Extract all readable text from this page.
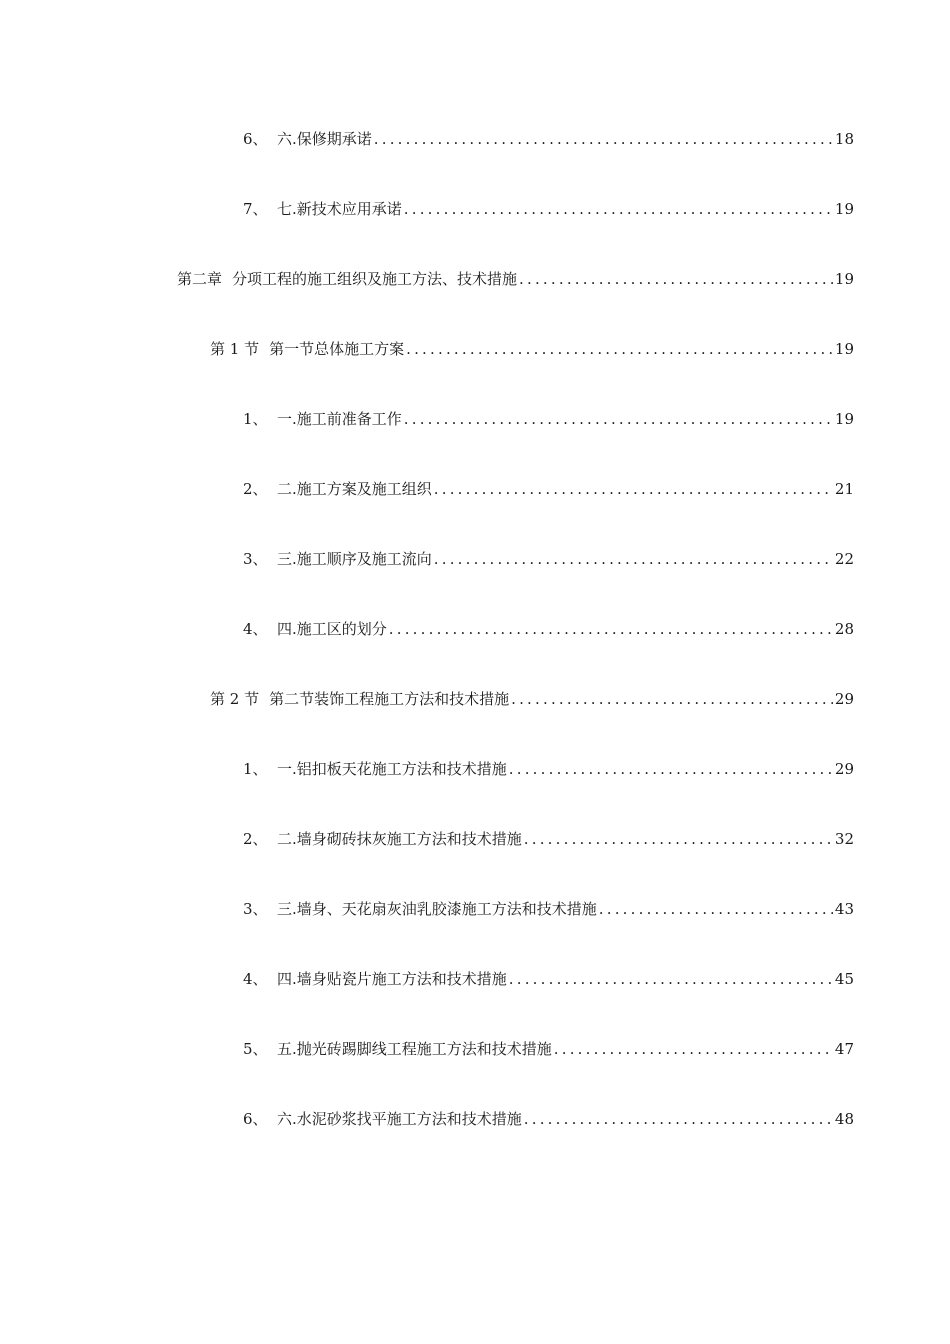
6、 六.保修期承诺 .....	18
7、 七.新技术应用承诺 .....	19
第二章 分项工程的施工组织及施工方法、技术措施 .....	19
第 1 节 第一节总体施工方案 .....	19
1、 一.施工前准备工作 .....	19
2、 二.施工方案及施工组织 .....	21
3、 三.施工顺序及施工流向 .....	22
4、 四.施工区的划分 .....	28
第 2 节 第二节装饰工程施工方法和技术措施 .....	29
1、 一.铝扣板天花施工方法和技术措施 .....	29
2、 二.墙身砌砖抹灰施工方法和技术措施 .....	32
3、 三.墙身、天花扇灰油乳胶漆施工方法和技术措施 .....	43
4、 四.墙身贴瓷片施工方法和技术措施 .....	45
5、 五.抛光砖踢脚线工程施工方法和技术措施 .....	47
6、 六.水泥砂浆找平施工方法和技术措施 .....	48
